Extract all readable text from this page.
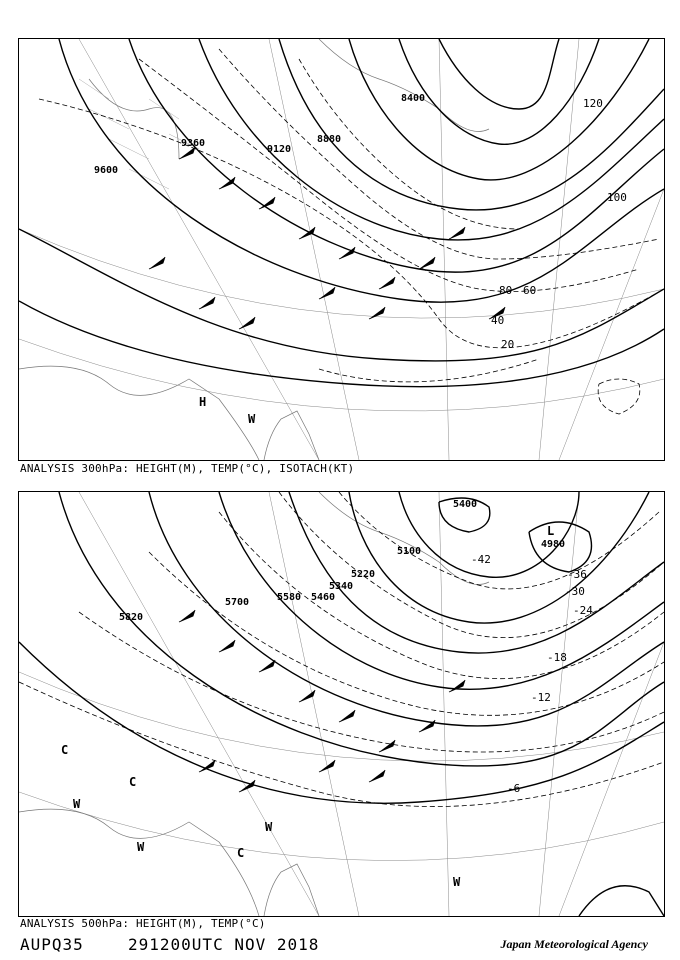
9600
9360
9120
8880
8400
20
40
60
80
100
120
H
W
ANALYSIS 300hPa: HEIGHT(M), TEMP(°C), ISOTACH(KT)
5820
5700	5580 5460
5340
5220
5100
5400
4980
-6
-12
-18
-24
-30
-36
-42
L
C
C
C
W
W
W
W
ANALYSIS 500hPa: HEIGHT(M), TEMP(°C)
AUPQ35	291200UTC NOV 2018	Japan Meteorological Agency
